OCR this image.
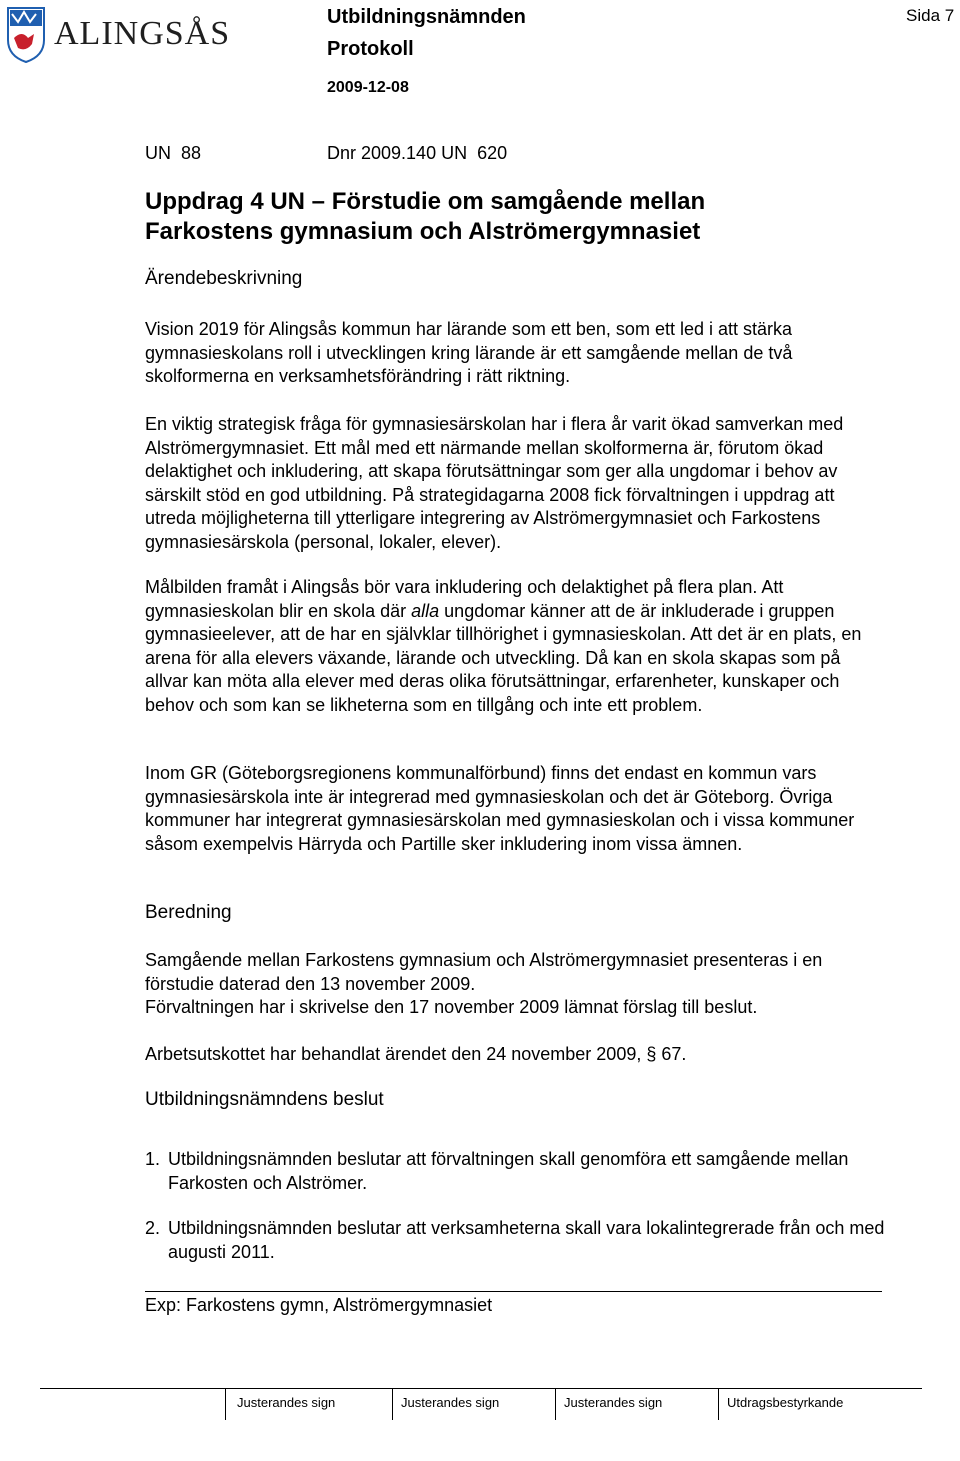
ALINGSÅS	Utbildningsnämnden
Protokoll
2009-12-08
Sida 7
UN  88	Dnr 2009.140 UN  620
Uppdrag 4 UN – Förstudie om samgående mellan
Farkostens gymnasium och Alströmergymnasiet
Ärendebeskrivning
Vision 2019 för Alingsås kommun har lärande som ett ben, som ett led i att stärka gymnasieskolans roll i utvecklingen kring lärande är ett samgående mellan de två skolformerna en verksamhetsförändring i rätt riktning.
En viktig strategisk fråga för gymnasiesärskolan har i flera år varit ökad samverkan med Alströmergymnasiet. Ett mål med ett närmande mellan skolformerna är, förutom ökad delaktighet och inkludering, att skapa förutsättningar som ger alla ungdomar i behov av särskilt stöd en god utbildning. På strategidagarna 2008 fick förvaltningen i uppdrag att utreda möjligheterna till ytterligare integrering av Alströmergymnasiet och Farkostens gymnasiesärskola (personal, lokaler, elever).
Målbilden framåt i Alingsås bör vara inkludering och delaktighet på flera plan. Att gymnasieskolan blir en skola där alla ungdomar känner att de är inkluderade i gruppen gymnasieelever, att de har en självklar tillhörighet i gymnasieskolan. Att det är en plats, en arena för alla elevers växande, lärande och utveckling. Då kan en skola skapas som på allvar kan möta alla elever med deras olika förutsättningar, erfarenheter, kunskaper och behov och som kan se likheterna som en tillgång och inte ett problem.
Inom GR (Göteborgsregionens kommunalförbund) finns det endast en kommun vars gymnasiesärskola inte är integrerad med gymnasieskolan och det är Göteborg. Övriga kommuner har integrerat gymnasiesärskolan med gymnasieskolan och i vissa kommuner såsom exempelvis Härryda och Partille sker inkludering inom vissa ämnen.
Beredning
Samgående mellan Farkostens gymnasium och Alströmergymnasiet presenteras i en förstudie daterad den 13 november 2009.
Förvaltningen har i skrivelse den 17 november 2009 lämnat förslag till beslut.
Arbetsutskottet har behandlat ärendet den 24 november 2009, § 67.
Utbildningsnämndens beslut
1. Utbildningsnämnden beslutar att förvaltningen skall genomföra ett samgående mellan Farkosten och Alströmer.
2. Utbildningsnämnden beslutar att verksamheterna skall vara lokalintegrerade från och med augusti 2011.
Exp: Farkostens gymn, Alströmergymnasiet
Justerandes sign	Justerandes sign	Justerandes sign	Utdragsbestyrkande
